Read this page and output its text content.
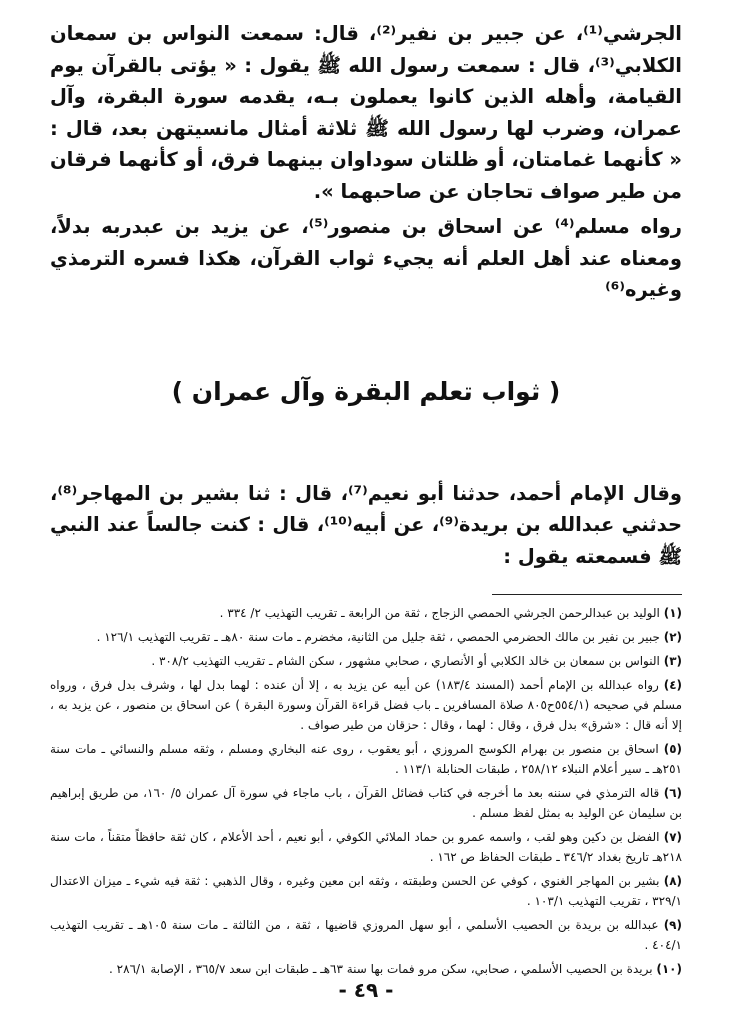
الجرشي⁽¹⁾، عن جبير بن نفير⁽²⁾، قال: سمعت النواس بن سمعان الكلابي⁽³⁾، قال : سمعت رسول الله ﷺ يقول : « يؤتى بالقرآن يوم القيامة، وأهله الذين كانوا يعملون بـه، يقدمه سورة البقرة، وآل عمران، وضرب لها رسول الله ﷺ ثلاثة أمثال مانسيتهن بعد، قال : « كأنهما غمامتان، أو ظلتان سوداوان بينهما فرق، أو كأنهما فرقان من طير صواف تحاجان عن صاحبهما ».

رواه مسلم⁽⁴⁾ عن اسحاق بن منصور⁽⁵⁾، عن يزيد بن عبدربه بدلاً، ومعناه عند أهل العلم أنه يجيء ثواب القرآن، هكذا فسره الترمذي وغيره⁽⁶⁾

( ثواب تعلم البقرة وآل عمران )

وقال الإمام أحمد، حدثنا أبو نعيم⁽⁷⁾، قال : ثنا بشير بن المهاجر⁽⁸⁾، حدثني عبدالله بن بريدة⁽⁹⁾، عن أبيه⁽¹⁰⁾، قال : كنت جالساً عند النبي ﷺ فسمعته يقول :

(١) الوليد بن عبدالرحمن الجرشي الحمصي الزجاج ، ثقة من الرابعة ـ تقريب التهذيب ٢/ ٣٣٤ .

(٢) جبير بن نفير بن مالك الحضرمي الحمصي ، ثقة جليل من الثانية، مخضرم ـ مات سنة ٨٠هـ ـ تقريب التهذيب ١٢٦/١ .

(٣) النواس بن سمعان بن خالد الكلابي أو الأنصاري ، صحابي مشهور ، سكن الشام ـ تقريب التهذيب ٣٠٨/٢ .

(٤) رواه عبدالله بن الإمام أحمد (المسند ١٨٣/٤) عن أبيه عن يزيد به ، إلا أن عنده : لهما بدل لها ، وشرف بدل فرق ، ورواه مسلم في صحيحه (٥٥٤/١ح٨٠٥ صلاة المسافرين ـ باب فضل قراءة القرآن وسورة البقرة ) عن اسحاق بن منصور ، عن يزيد به ، إلا أنه قال : «شرق» بدل فرق ، وقال : لهما ، وقال : حزقان من طير صواف .

(٥) اسحاق بن منصور بن بهرام الكوسج المروزي ، أبو يعقوب ، روى عنه البخاري ومسلم ، وثقه مسلم والنسائي ـ مات سنة ٢٥١هـ ـ سير أعلام النبلاء ٢٥٨/١٢ ، طبقات الحنابلة ١١٣/١ .

(٦) قاله الترمذي في سننه بعد ما أخرجه في كتاب فضائل القرآن ، باب ماجاء في سورة آل عمران ٥/ ١٦٠، من طريق إبراهيم بن سليمان عن الوليد به بمثل لفظ مسلم .

(٧) الفضل بن دكين وهو لقب ، واسمه عمرو بن حماد الملائي الكوفي ، أبو نعيم ، أحد الأعلام ، كان ثقة حافظاً متقناً ، مات سنة ٢١٨هـ تاريخ بغداد ٣٤٦/٢ ـ طبقات الحفاظ ص ١٦٢ .

(٨) بشير بن المهاجر الغنوي ، كوفي عن الحسن وطبقته ، وثقه ابن معين وغيره ، وقال الذهبي : ثقة فيه شيء ـ ميزان الاعتدال ٣٢٩/١ ، تقريب التهذيب ١٠٣/١ .

(٩) عبدالله بن بريدة بن الحصيب الأسلمي ، أبو سهل المروزي قاضيها ، ثقة ، من الثالثة ـ مات سنة ١٠٥هـ ـ تقريب التهذيب ٤٠٤/١ .

(١٠) بريدة بن الحصيب الأسلمي ، صحابي، سكن مرو فمات بها سنة ٦٣هـ ـ طبقات ابن سعد ٣٦٥/٧ ، الإصابة ٢٨٦/١ .

- ٤٩ -
